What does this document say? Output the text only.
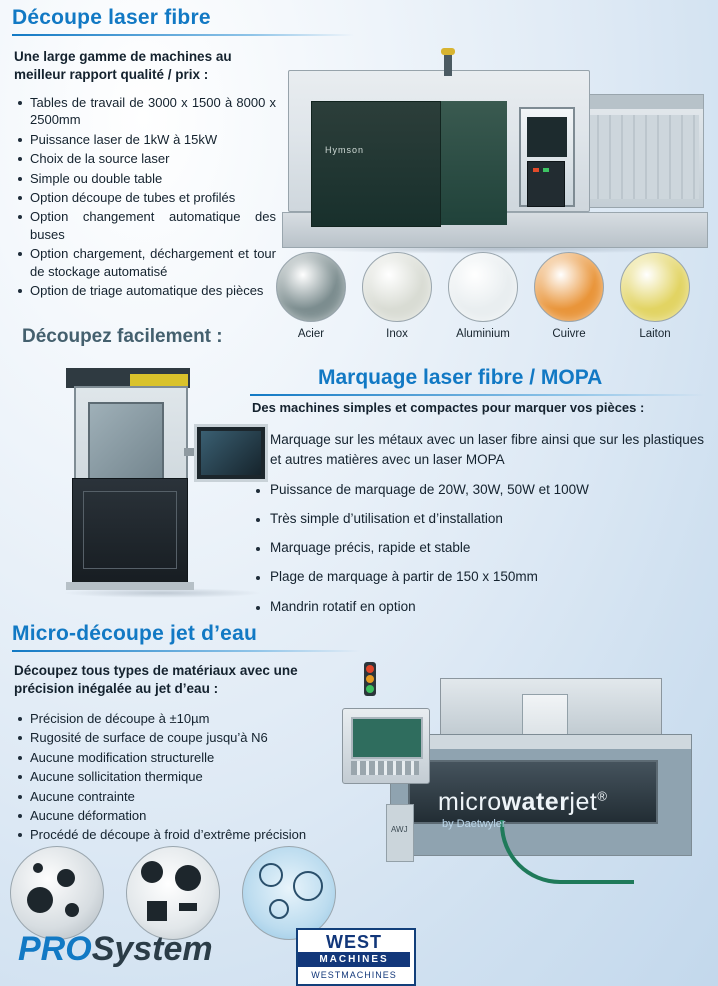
Découpe laser fibre
Une large gamme de machines au meilleur rapport qualité / prix :
Tables de travail de 3000 x 1500 à 8000 x 2500mm
Puissance laser de 1kW à 15kW
Choix de la source laser
Simple ou double table
Option découpe de tubes et profilés
Option changement automatique des buses
Option chargement, déchargement et tour de stockage automatisé
Option de triage automatique des pièces
Hymson
Acier	Inox	Aluminium	Cuivre	Laiton
Découpez facilement :
Marquage laser fibre / MOPA
Des machines simples et compactes pour marquer vos pièces :
Marquage sur les métaux avec un laser fibre ainsi que sur les plastiques et autres matières avec un laser MOPA
Puissance de marquage de 20W, 30W, 50W et 100W
Très simple d’utilisation et d’installation
Marquage précis, rapide et stable
Plage de marquage à partir de 150 x 150mm
Mandrin rotatif en option
Micro-découpe jet d’eau
Découpez tous types de matériaux avec une précision inégalée au jet d’eau :
Précision de découpe à ±10µm
Rugosité de surface de coupe jusqu’à N6
Aucune modification structurelle
Aucune sollicitation thermique
Aucune contrainte
Aucune déformation
Procédé de découpe à froid d’extrême précision	AWJ
microwaterjet®
by Daetwyler
PROSystem	WEST
MACHINES
WESTMACHINES
